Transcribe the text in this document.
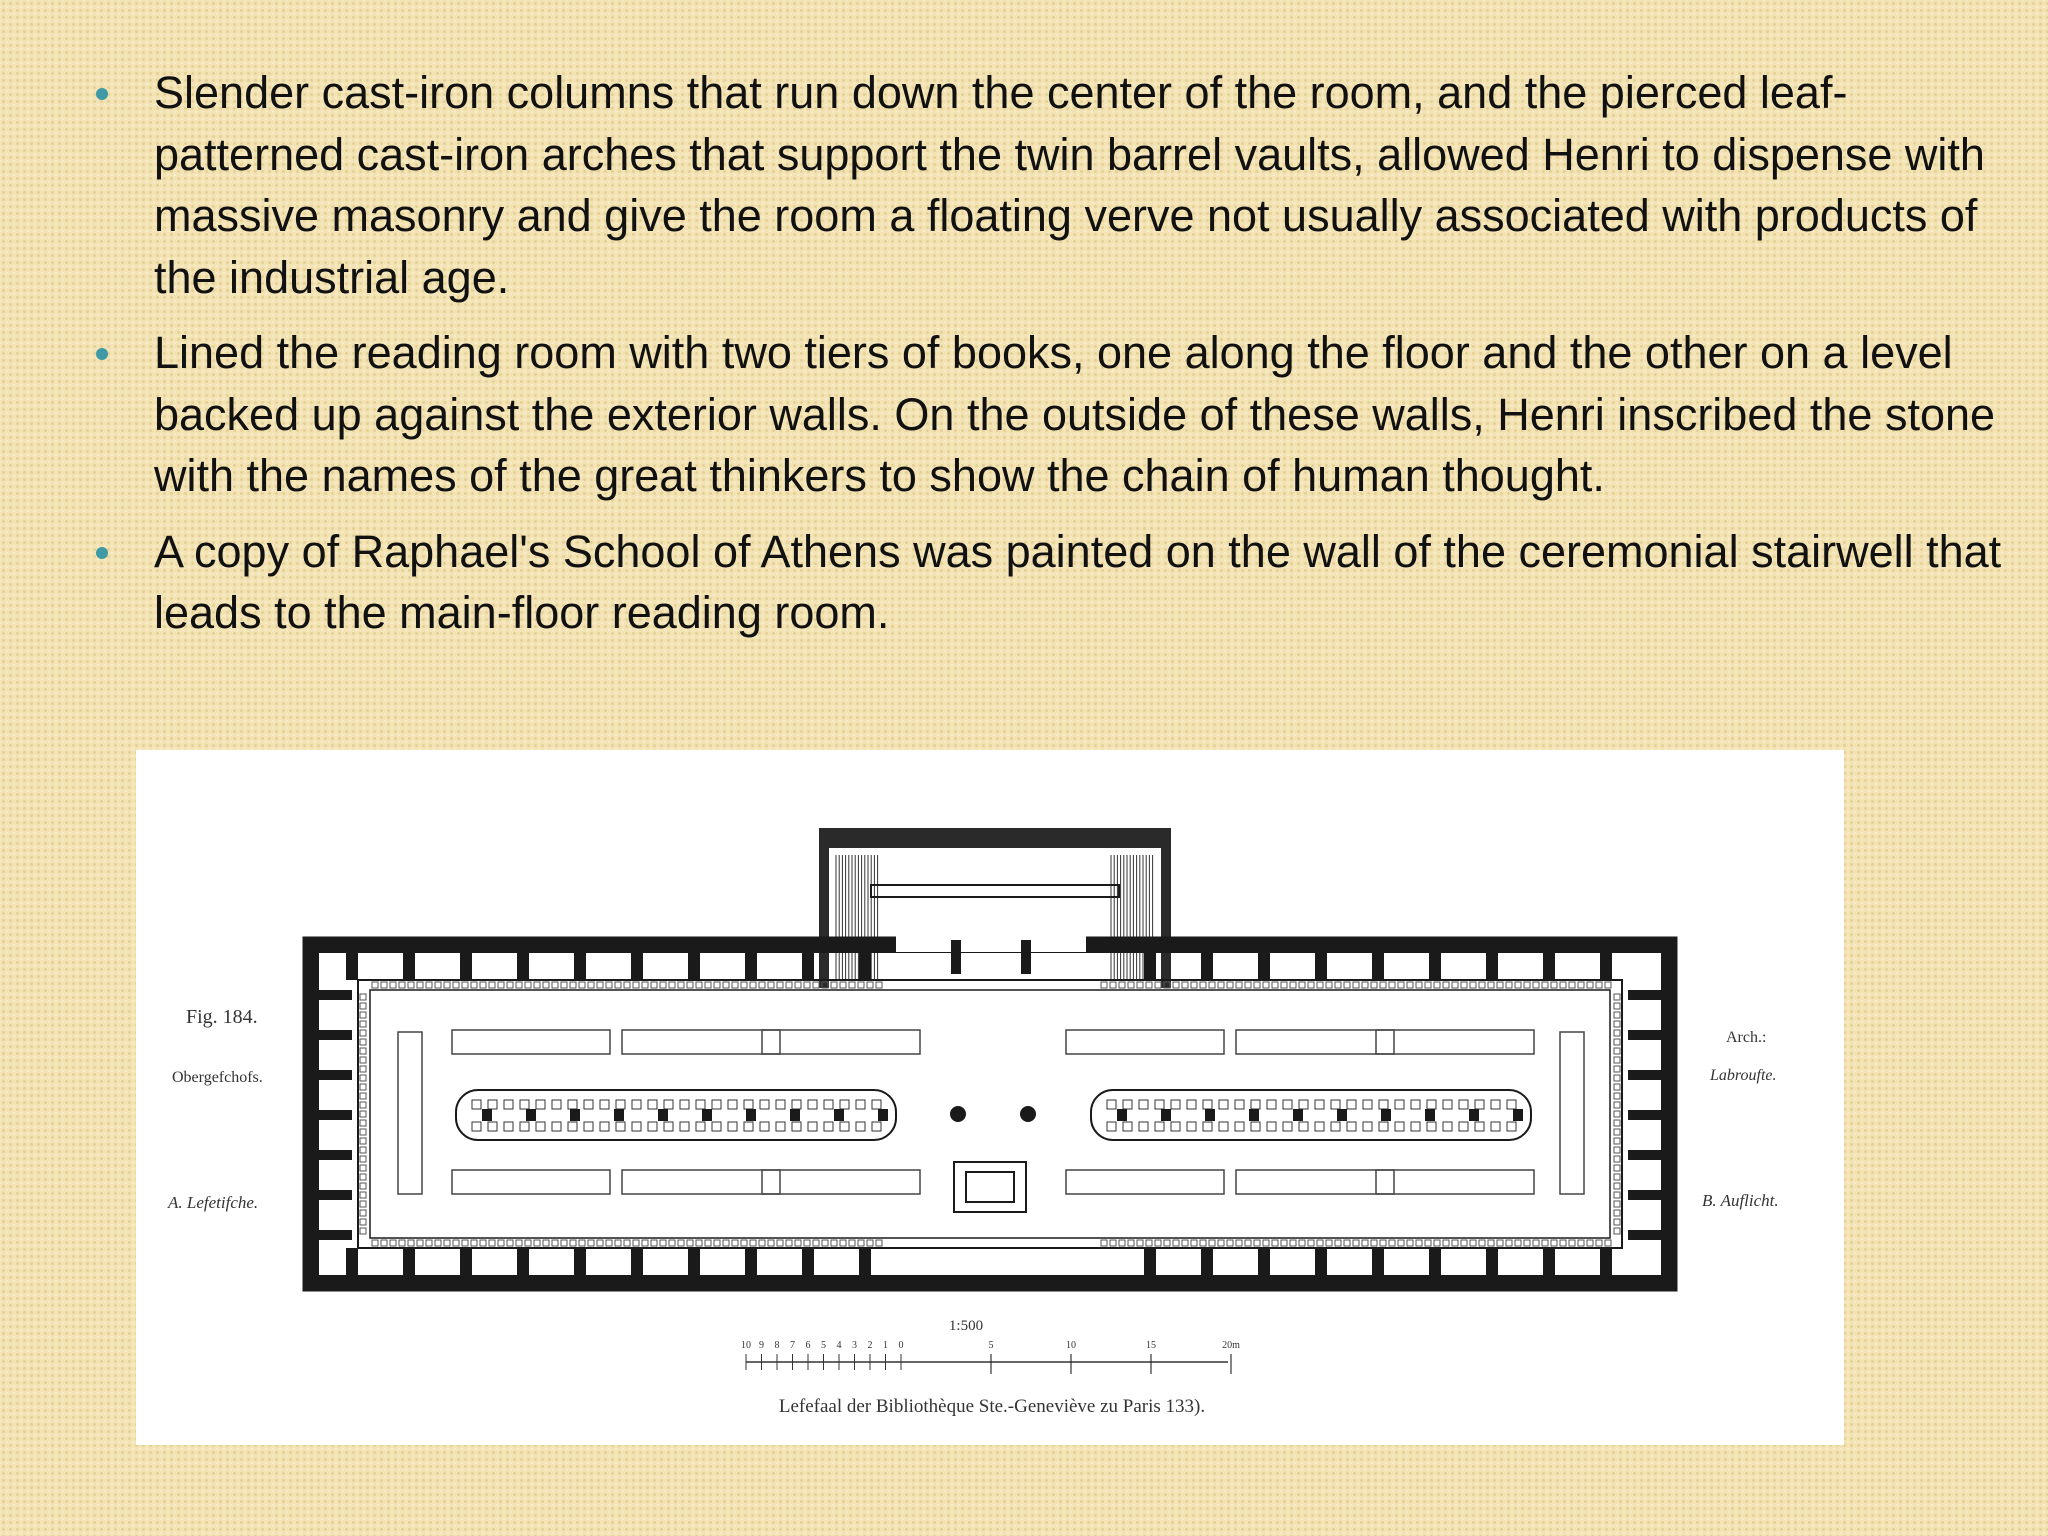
Slender cast-iron columns that run down the center of the room, and the pierced leaf-patterned cast-iron arches that support the twin barrel vaults, allowed Henri to dispense with massive masonry and give the room a floating verve not usually associated with products of the industrial age.
Lined the reading room with two tiers of books, one along the floor and the other on a level backed up against the exterior walls. On the outside of these walls, Henri inscribed the stone with the names of the great thinkers to show the chain of human thought.
A copy of Raphael's School of Athens was painted on the wall of the ceremonial stairwell that leads to the main-floor reading room.
Fig. 184.
Obergefchofs.
A. Lefetifche.
Arch.:
Labroufte.
B. Auflicht.
1:500
10 9 8 7 6 5 4 3 2 1 0	5	10	15	20m
Lefefaal der Bibliothèque Ste.-Geneviève zu Paris 133).
